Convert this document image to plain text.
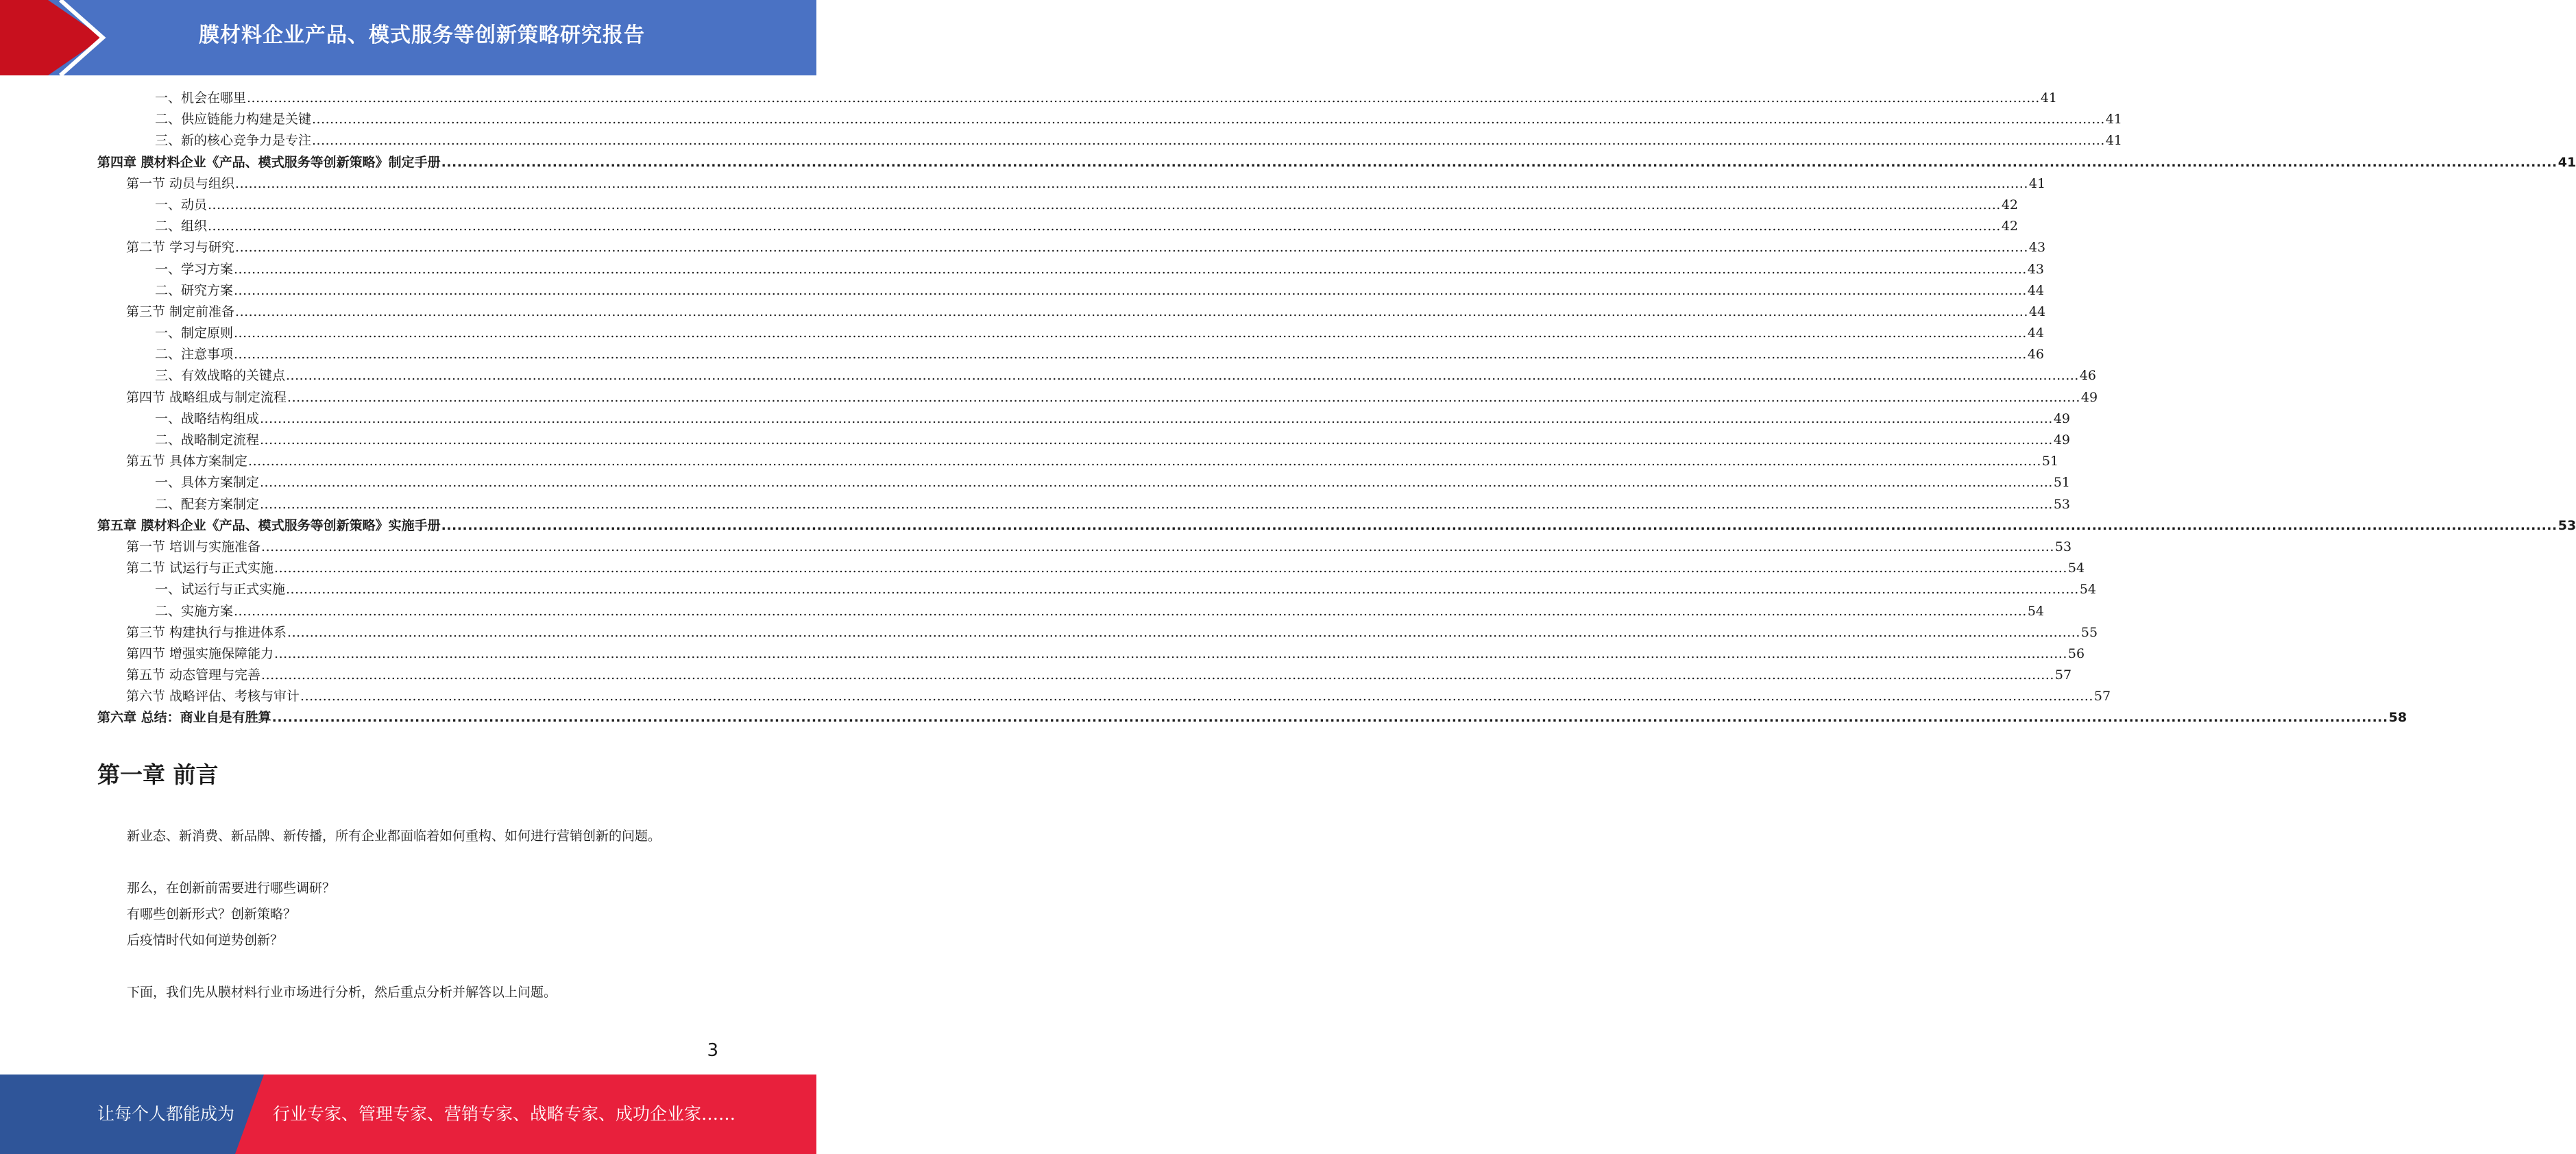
膜材料企业产品、模式服务等创新策略研究报告
一、机会在哪里 ................................................................................................................................................................................................................................................................................................................................................................................................................ 41
二、供应链能力构建是关键 ................................................................................................................................................................................................................................................................................................................................................................................................................ 41
三、新的核心竞争力是专注 ................................................................................................................................................................................................................................................................................................................................................................................................................ 41
第四章 膜材料企业《产品、模式服务等创新策略》制定手册 ................................................................................................................................................................................................................................................................................................................................................................................................................ 41
第一节 动员与组织 ................................................................................................................................................................................................................................................................................................................................................................................................................ 41
一、动员 ................................................................................................................................................................................................................................................................................................................................................................................................................ 42
二、组织 ................................................................................................................................................................................................................................................................................................................................................................................................................ 42
第二节 学习与研究 ................................................................................................................................................................................................................................................................................................................................................................................................................ 43
一、学习方案 ................................................................................................................................................................................................................................................................................................................................................................................................................ 43
二、研究方案 ................................................................................................................................................................................................................................................................................................................................................................................................................ 44
第三节 制定前准备 ................................................................................................................................................................................................................................................................................................................................................................................................................ 44
一、制定原则 ................................................................................................................................................................................................................................................................................................................................................................................................................ 44
二、注意事项 ................................................................................................................................................................................................................................................................................................................................................................................................................ 46
三、有效战略的关键点 ................................................................................................................................................................................................................................................................................................................................................................................................................ 46
第四节 战略组成与制定流程 ................................................................................................................................................................................................................................................................................................................................................................................................................ 49
一、战略结构组成 ................................................................................................................................................................................................................................................................................................................................................................................................................ 49
二、战略制定流程 ................................................................................................................................................................................................................................................................................................................................................................................................................ 49
第五节 具体方案制定 ................................................................................................................................................................................................................................................................................................................................................................................................................ 51
一、具体方案制定 ................................................................................................................................................................................................................................................................................................................................................................................................................ 51
二、配套方案制定 ................................................................................................................................................................................................................................................................................................................................................................................................................ 53
第五章 膜材料企业《产品、模式服务等创新策略》实施手册 ................................................................................................................................................................................................................................................................................................................................................................................................................ 53
第一节 培训与实施准备 ................................................................................................................................................................................................................................................................................................................................................................................................................ 53
第二节 试运行与正式实施 ................................................................................................................................................................................................................................................................................................................................................................................................................ 54
一、试运行与正式实施 ................................................................................................................................................................................................................................................................................................................................................................................................................ 54
二、实施方案 ................................................................................................................................................................................................................................................................................................................................................................................................................ 54
第三节 构建执行与推进体系 ................................................................................................................................................................................................................................................................................................................................................................................................................ 55
第四节 增强实施保障能力 ................................................................................................................................................................................................................................................................................................................................................................................................................ 56
第五节 动态管理与完善 ................................................................................................................................................................................................................................................................................................................................................................................................................ 57
第六节 战略评估、考核与审计 ................................................................................................................................................................................................................................................................................................................................................................................................................ 57
第六章 总结：商业自是有胜算 ................................................................................................................................................................................................................................................................................................................................................................................................................ 58
第一章 前言

新业态、新消费、新品牌、新传播，所有企业都面临着如何重构、如何进行营销创新的问题。

那么，在创新前需要进行哪些调研？

有哪些创新形式？创新策略？

后疫情时代如何逆势创新？

下面，我们先从膜材料行业市场进行分析，然后重点分析并解答以上问题。

3
让每个人都能成为 行业专家、管理专家、营销专家、战略专家、成功企业家……
